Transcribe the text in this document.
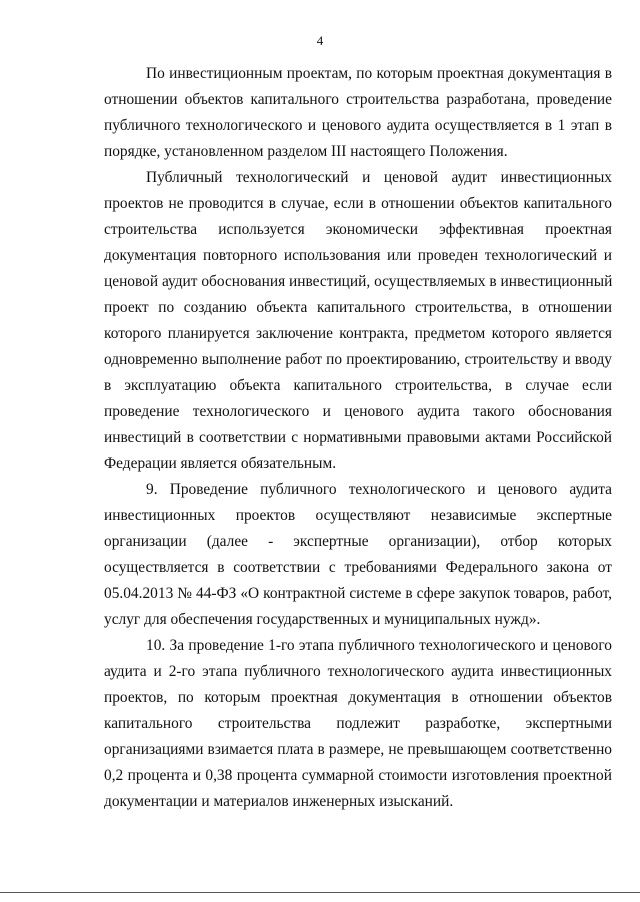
4
По инвестиционным проектам, по которым проектная документация в
отношении объектов капитального строительства разработана, проведение
публичного технологического и ценового аудита осуществляется в 1 этап в
порядке, установленном разделом III настоящего Положения.
Публичный технологический и ценовой аудит инвестиционных
проектов не проводится в случае, если в отношении объектов капитального
строительства используется экономически эффективная проектная
документация повторного использования или проведен технологический и
ценовой аудит обоснования инвестиций, осуществляемых в инвестиционный
проект по созданию объекта капитального строительства, в отношении
которого планируется заключение контракта, предметом которого является
одновременно выполнение работ по проектированию, строительству и вводу
в эксплуатацию объекта капитального строительства, в случае если
проведение технологического и ценового аудита такого обоснования
инвестиций в соответствии с нормативными правовыми актами Российской
Федерации является обязательным.
9. Проведение публичного технологического и ценового аудита
инвестиционных проектов осуществляют независимые экспертные
организации (далее - экспертные организации), отбор которых
осуществляется в соответствии с требованиями Федерального закона от
05.04.2013 № 44-ФЗ «О контрактной системе в сфере закупок товаров, работ,
услуг для обеспечения государственных и муниципальных нужд».
10. За проведение 1-го этапа публичного технологического и ценового
аудита и 2-го этапа публичного технологического аудита инвестиционных
проектов, по которым проектная документация в отношении объектов
капитального строительства подлежит разработке, экспертными
организациями взимается плата в размере, не превышающем соответственно
0,2 процента и 0,38 процента суммарной стоимости изготовления проектной
документации и материалов инженерных изысканий.
